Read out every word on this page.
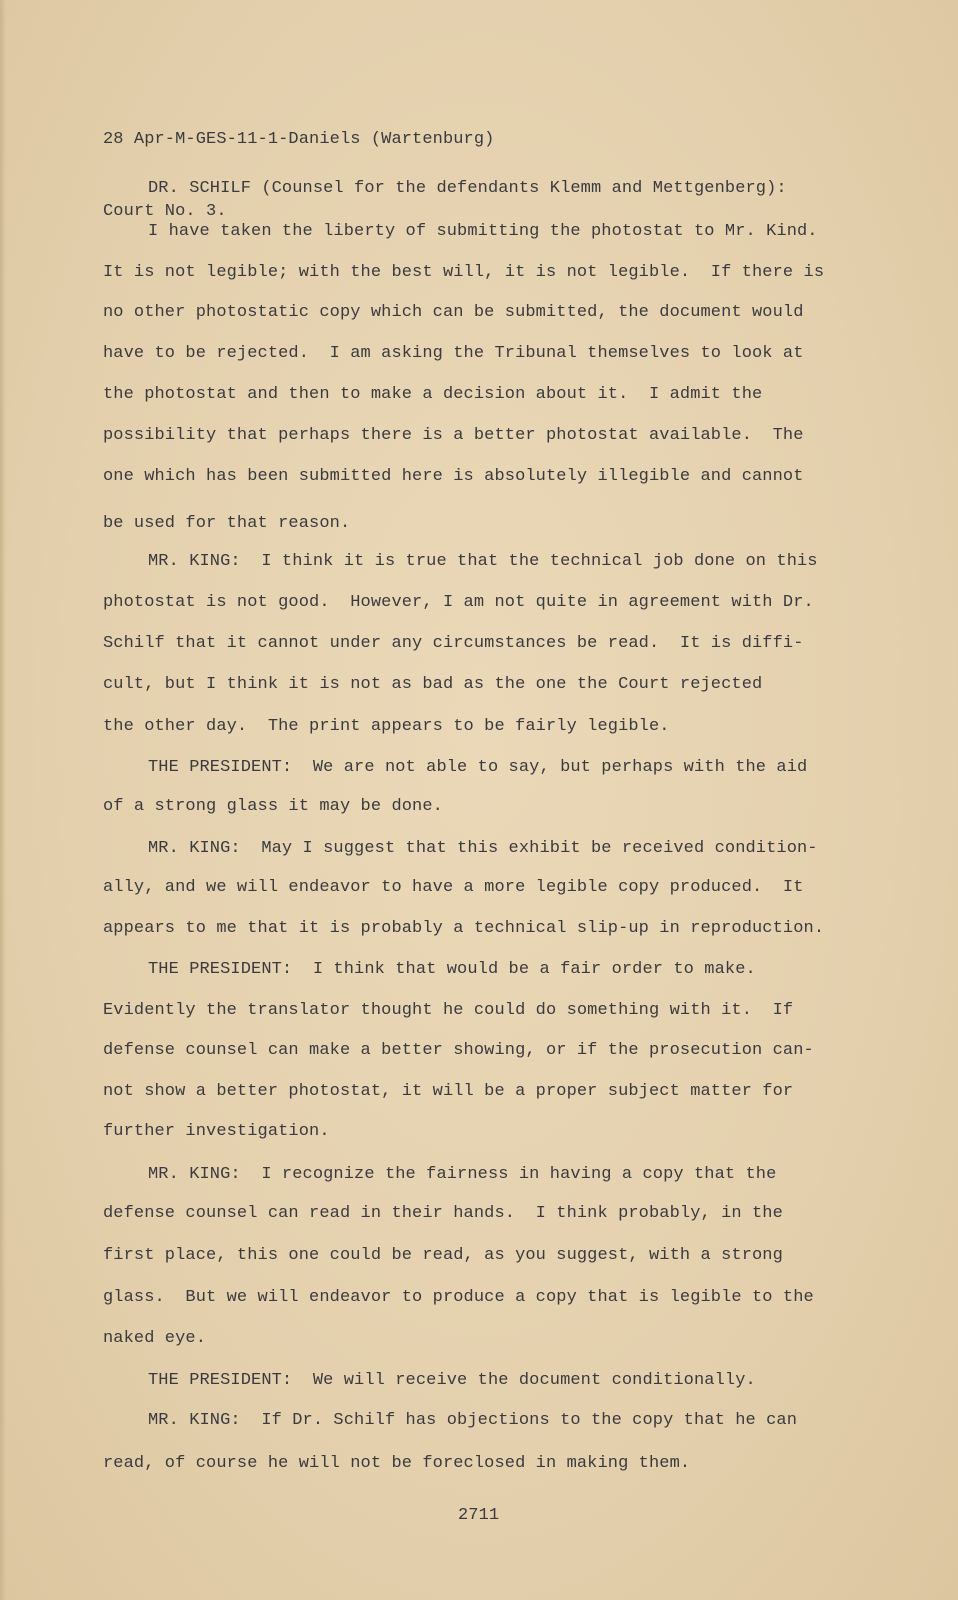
28 Apr-M-GES-11-1-Daniels (Wartenburg)

Court No. 3.

DR. SCHILF (Counsel for the defendants Klemm and Mettgenberg):
I have taken the liberty of submitting the photostat to Mr. Kind.
It is not legible; with the best will, it is not legible.  If there is
no other photostatic copy which can be submitted, the document would
have to be rejected.  I am asking the Tribunal themselves to look at
the photostat and then to make a decision about it.  I admit the
possibility that perhaps there is a better photostat available.  The
one which has been submitted here is absolutely illegible and cannot
be used for that reason.
MR. KING:  I think it is true that the technical job done on this
photostat is not good.  However, I am not quite in agreement with Dr.
Schilf that it cannot under any circumstances be read.  It is diffi-
cult, but I think it is not as bad as the one the Court rejected
the other day.  The print appears to be fairly legible.
THE PRESIDENT:  We are not able to say, but perhaps with the aid
of a strong glass it may be done.
MR. KING:  May I suggest that this exhibit be received condition-
ally, and we will endeavor to have a more legible copy produced.  It
appears to me that it is probably a technical slip-up in reproduction.
THE PRESIDENT:  I think that would be a fair order to make.
Evidently the translator thought he could do something with it.  If
defense counsel can make a better showing, or if the prosecution can-
not show a better photostat, it will be a proper subject matter for
further investigation.
MR. KING:  I recognize the fairness in having a copy that the
defense counsel can read in their hands.  I think probably, in the
first place, this one could be read, as you suggest, with a strong
glass.  But we will endeavor to produce a copy that is legible to the
naked eye.
THE PRESIDENT:  We will receive the document conditionally.
MR. KING:  If Dr. Schilf has objections to the copy that he can
read, of course he will not be foreclosed in making them.
2711
